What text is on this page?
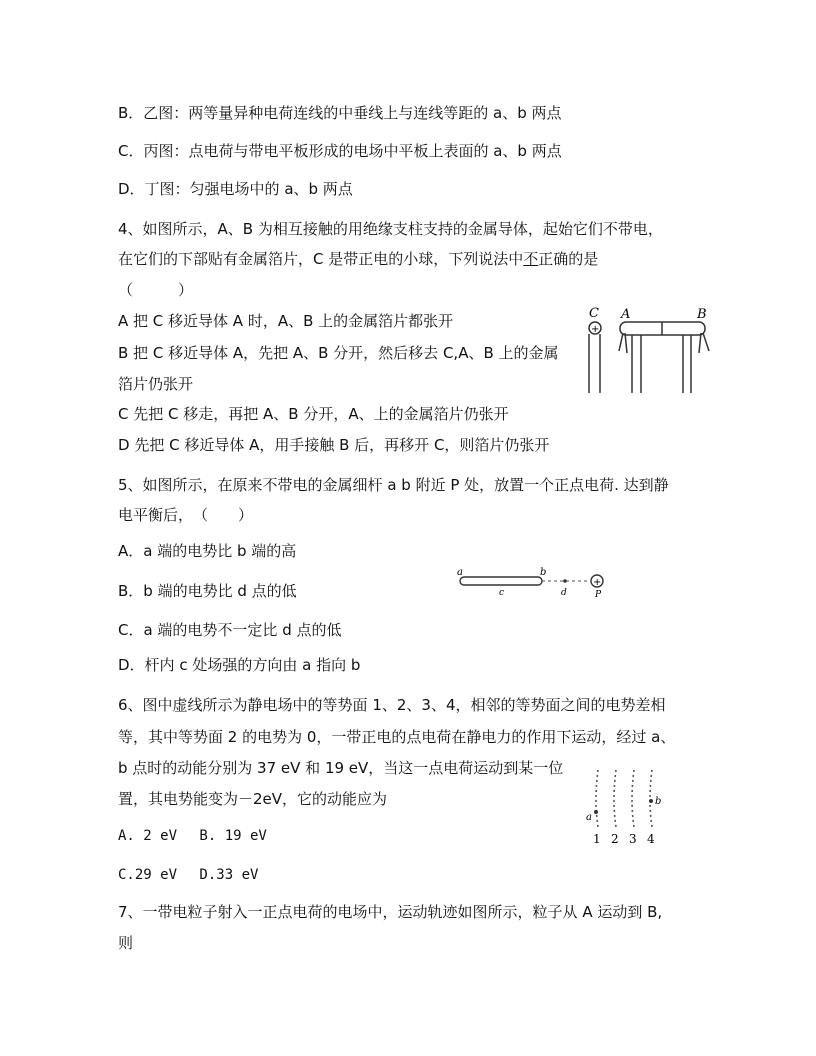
B．乙图：两等量异种电荷连线的中垂线上与连线等距的 a、b 两点
C．丙图：点电荷与带电平板形成的电场中平板上表面的 a、b 两点
D．丁图：匀强电场中的 a、b 两点
4、如图所示，A、B 为相互接触的用绝缘支柱支持的金属导体，起始它们不带电，
在它们的下部贴有金属箔片，C 是带正电的小球，下列说法中不正确的是
（　　　）
A 把 C 移近导体 A 时，A、B 上的金属箔片都张开
B 把 C 移近导体 A，先把 A、B 分开，然后移去 C,A、B 上的金属
箔片仍张开
C 先把 C 移走，再把 A、B 分开，A、上的金属箔片仍张开
D 先把 C 移近导体 A，用手接触 B 后，再移开 C，则箔片仍张开
C
+
A	B
5、如图所示，在原来不带电的金属细杆 a b 附近 P 处，放置一个正点电荷. 达到静
电平衡后，　（　　）
A．a 端的电势比 b 端的高
B．b 端的电势比 d 点的低
C．a 端的电势不一定比 d 点的低
D．杆内 c 处场强的方向由 a 指向 b
a	b
c	d
+
P
6、图中虚线所示为静电场中的等势面 1、2、3、4，相邻的等势面之间的电势差相
等，其中等势面 2 的电势为 0，一带正电的点电荷在静电力的作用下运动，经过 a、
b 点时的动能分别为 37 eV 和 19 eV，当这一点电荷运动到某一位
置，其电势能变为－2eV，它的动能应为
A. 2 eV　 B. 19 eV
C.29 eV　 D.33 eV
a
b
1 2 3 4
7、一带电粒子射入一正点电荷的电场中，运动轨迹如图所示，粒子从 A 运动到 B,
则
